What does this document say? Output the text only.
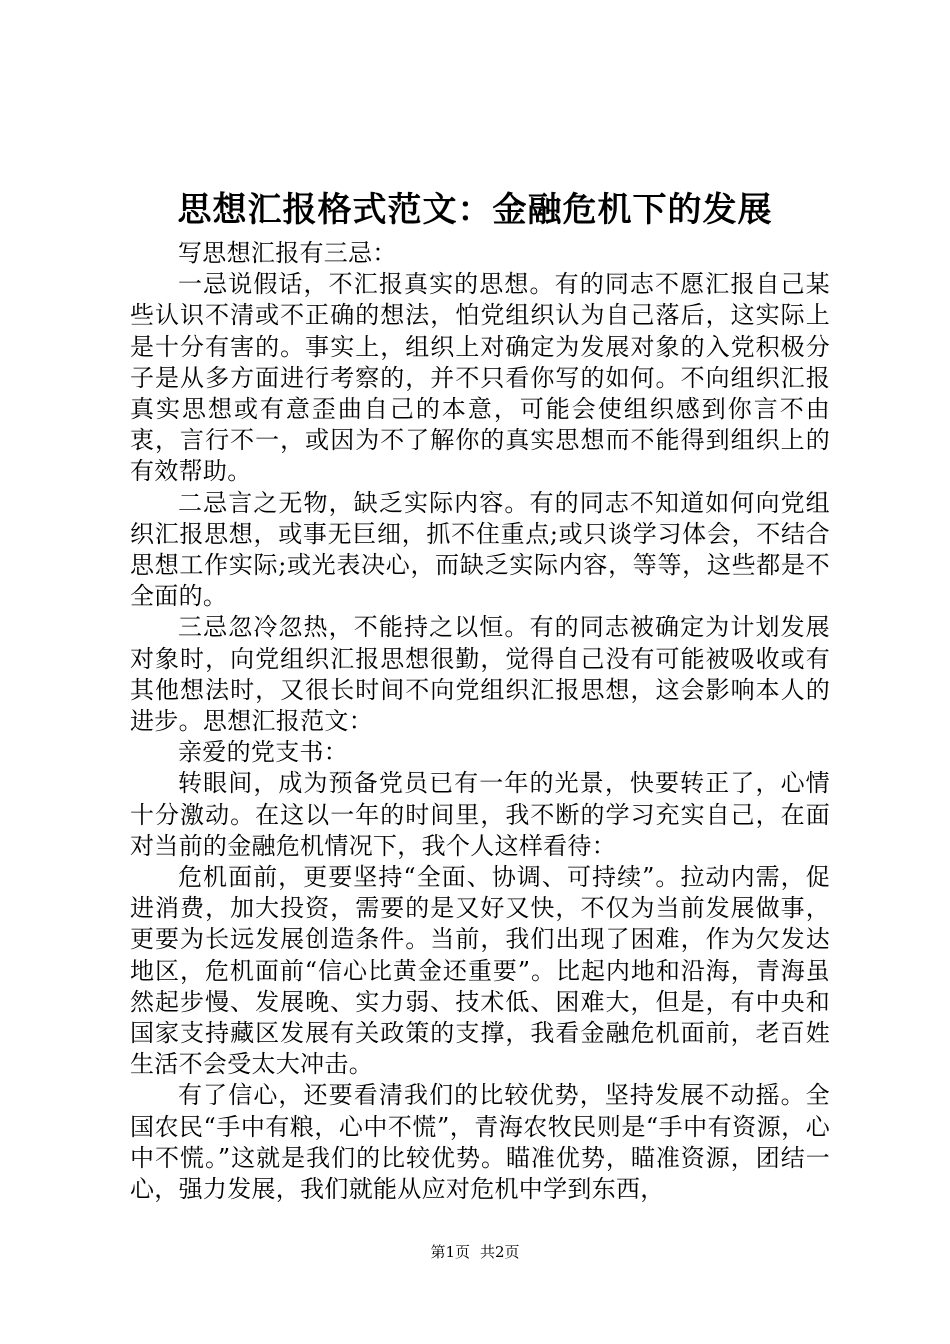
思想汇报格式范文：金融危机下的发展

写思想汇报有三忌：

一忌说假话，不汇报真实的思想。有的同志不愿汇报自己某些认识不清或不正确的想法，怕党组织认为自己落后，这实际上是十分有害的。事实上，组织上对确定为发展对象的入党积极分子是从多方面进行考察的，并不只看你写的如何。不向组织汇报真实思想或有意歪曲自己的本意，可能会使组织感到你言不由衷，言行不一，或因为不了解你的真实思想而不能得到组织上的有效帮助。

二忌言之无物，缺乏实际内容。有的同志不知道如何向党组织汇报思想，或事无巨细，抓不住重点;或只谈学习体会，不结合思想工作实际;或光表决心，而缺乏实际内容，等等，这些都是不全面的。

三忌忽冷忽热，不能持之以恒。有的同志被确定为计划发展对象时，向党组织汇报思想很勤，觉得自己没有可能被吸收或有其他想法时，又很长时间不向党组织汇报思想，这会影响本人的进步。思想汇报范文：

亲爱的党支书：

转眼间，成为预备党员已有一年的光景，快要转正了，心情十分激动。在这以一年的时间里，我不断的学习充实自己，在面对当前的金融危机情况下，我个人这样看待：

危机面前，更要坚持“全面、协调、可持续”。拉动内需，促进消费，加大投资，需要的是又好又快，不仅为当前发展做事，更要为长远发展创造条件。当前，我们出现了困难，作为欠发达地区，危机面前“信心比黄金还重要”。比起内地和沿海，青海虽然起步慢、发展晚、实力弱、技术低、困难大，但是，有中央和国家支持藏区发展有关政策的支撑，我看金融危机面前，老百姓生活不会受太大冲击。

有了信心，还要看清我们的比较优势，坚持发展不动摇。全国农民“手中有粮，心中不慌”，青海农牧民则是“手中有资源，心中不慌。”这就是我们的比较优势。瞄准优势，瞄准资源，团结一心，强力发展，我们就能从应对危机中学到东西，

第1页 共2页
